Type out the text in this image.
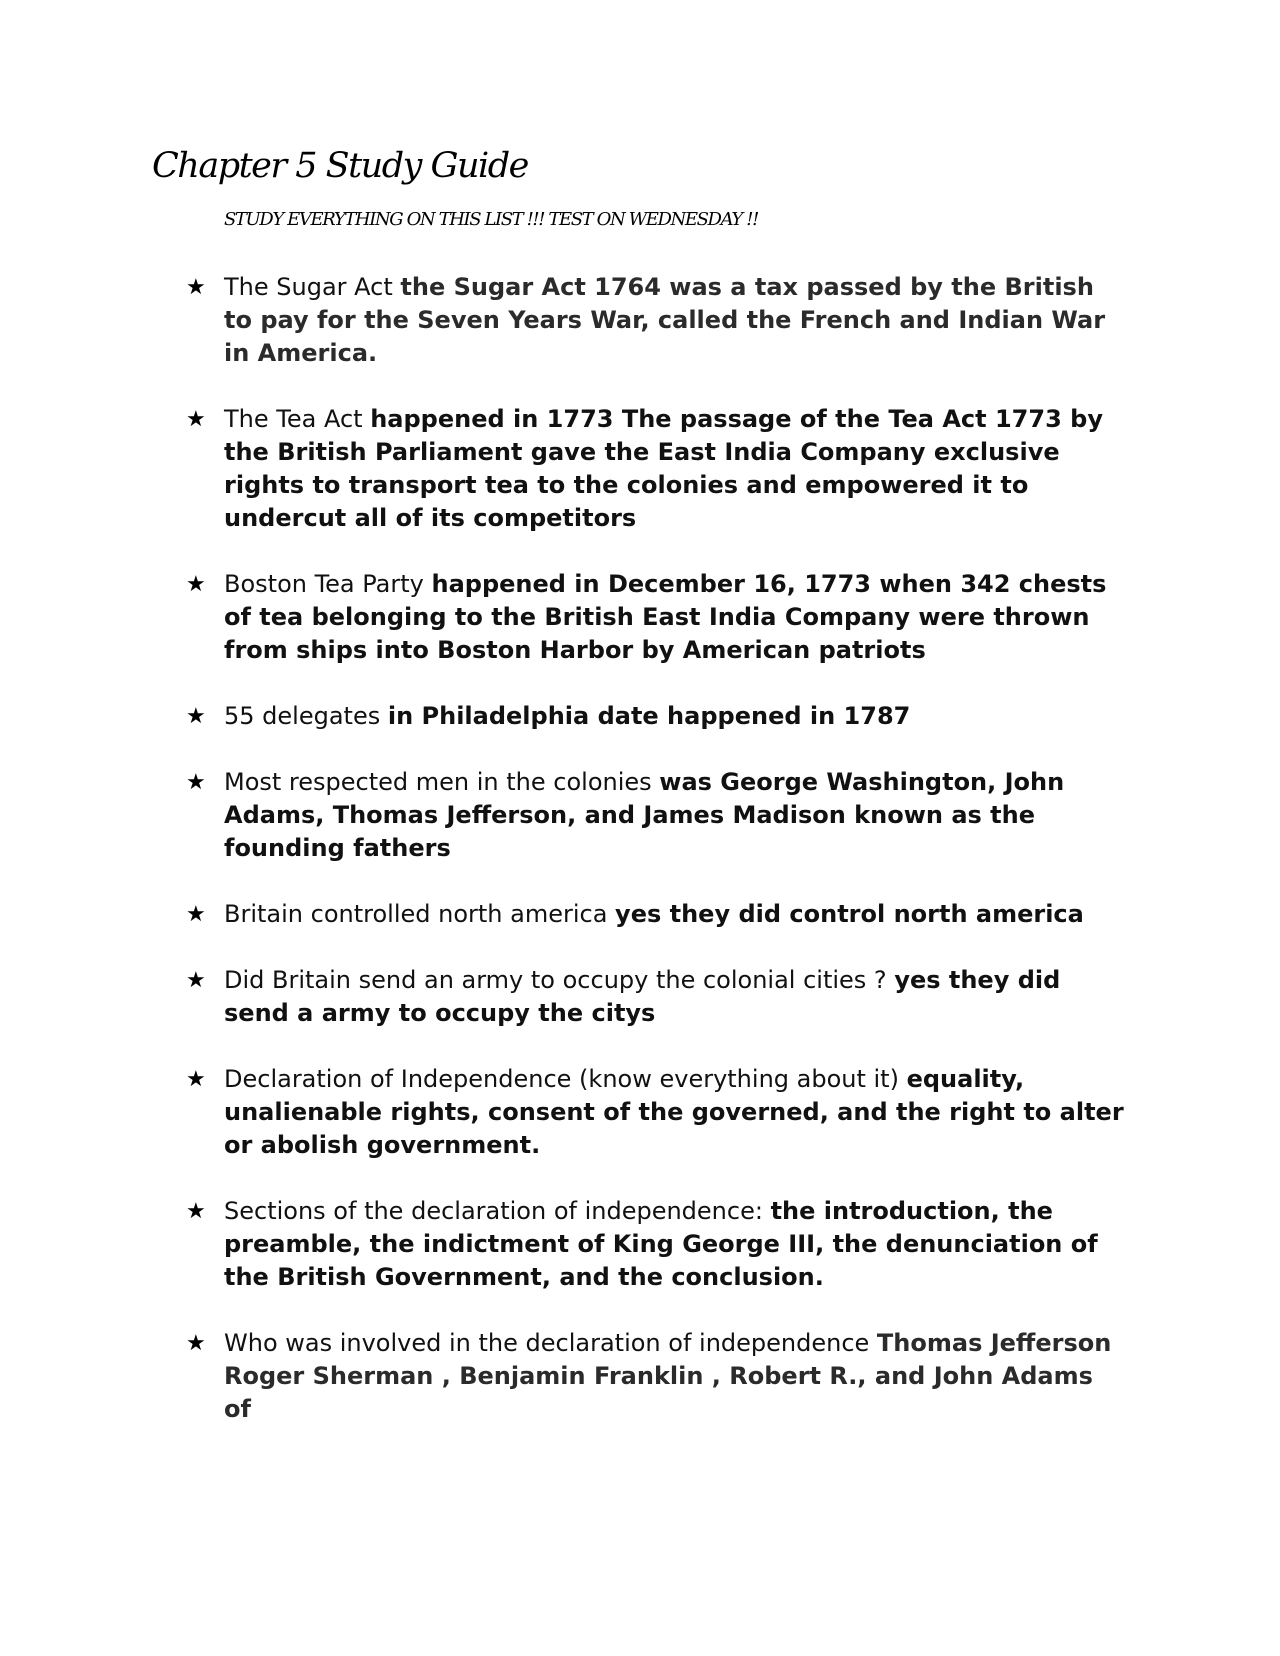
Chapter 5 Study Guide

STUDY EVERYTHING ON THIS LIST !!! TEST ON WEDNESDAY !!

★ The Sugar Act the Sugar Act 1764 was a tax passed by the British to pay for the Seven Years War, called the French and Indian War in America.
★ The Tea Act happened in 1773 The passage of the Tea Act 1773 by the British Parliament gave the East India Company exclusive rights to transport tea to the colonies and empowered it to undercut all of its competitors
★ Boston Tea Party happened in December 16, 1773 when 342 chests of tea belonging to the British East India Company were thrown from ships into Boston Harbor by American patriots
★ 55 delegates in Philadelphia date happened in 1787
★ Most respected men in the colonies was George Washington, John Adams, Thomas Jefferson, and James Madison known as the founding fathers
★ Britain controlled north america yes they did control north america
★ Did Britain send an army to occupy the colonial cities ? yes they did send a army to occupy the citys
★ Declaration of Independence (know everything about it) equality, unalienable rights, consent of the governed, and the right to alter or abolish government.
★ Sections of the declaration of independence: the introduction, the preamble, the indictment of King George III, the denunciation of the British Government, and the conclusion.
★ Who was involved in the declaration of independence Thomas Jefferson Roger Sherman , Benjamin Franklin , Robert R., and John Adams of
